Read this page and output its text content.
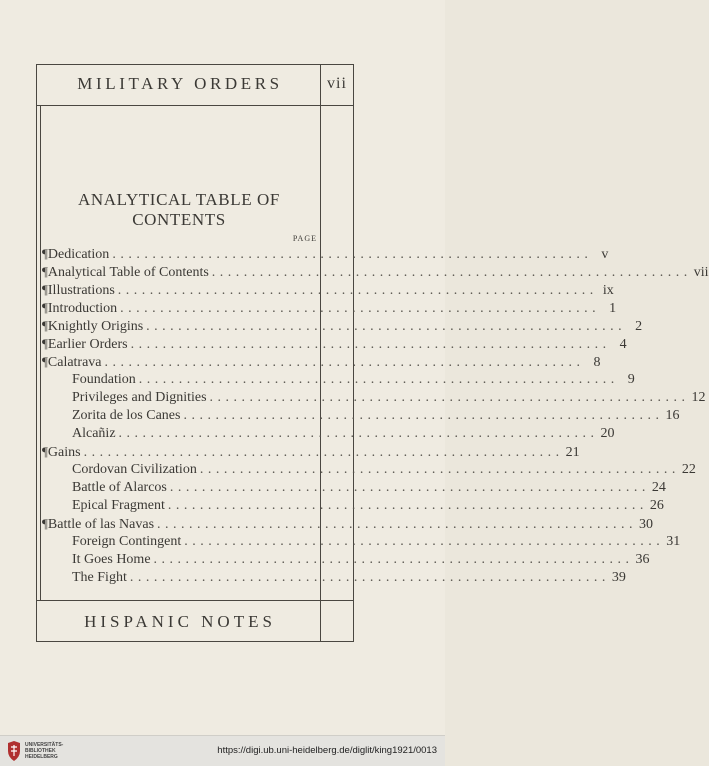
MILITARY ORDERS	vii
ANALYTICAL TABLE OF CONTENTS
PAGE
¶ Dedication ............................................................ v
¶ Analytical Table of Contents ............................................................ vii
¶ Illustrations ............................................................ ix
¶ Introduction ............................................................ 1
¶ Knightly Origins ............................................................ 2
¶ Earlier Orders ............................................................ 4
¶ Calatrava ............................................................ 8
Foundation ............................................................ 9
Privileges and Dignities ............................................................ 12
Zorita de los Canes ............................................................ 16
Alcañiz ............................................................ 20
¶ Gains ............................................................ 21
Cordovan Civilization ............................................................ 22
Battle of Alarcos ............................................................ 24
Epical Fragment ............................................................ 26
¶ Battle of las Navas ............................................................ 30
Foreign Contingent ............................................................ 31
It Goes Home ............................................................ 36
The Fight ............................................................ 39
HISPANIC NOTES
UNIVERSITÄTS-
BIBLIOTHEK
HEIDELBERG
https://digi.ub.uni-heidelberg.de/diglit/king1921/0013
